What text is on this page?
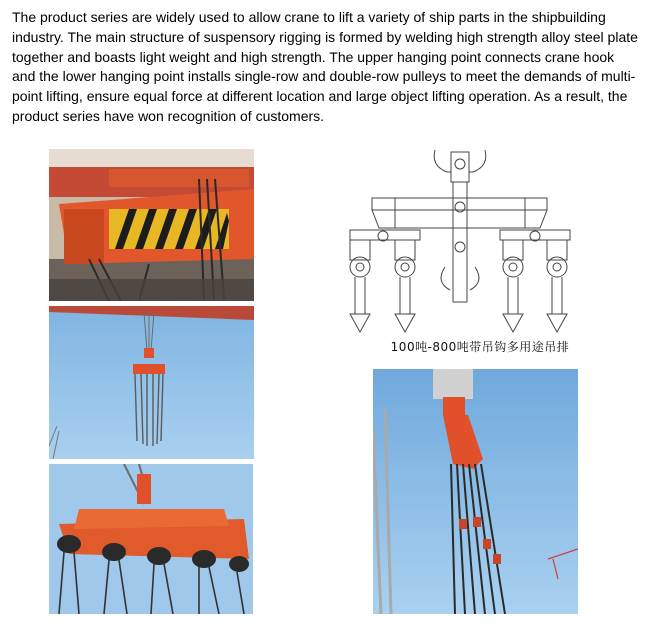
The product series are widely used to allow crane to lift a variety of ship parts in the shipbuilding industry. The main structure of suspensory rigging is formed by welding high strength alloy steel plate together and boasts light weight and high strength. The upper hanging point connects crane hook and the lower hanging point installs single-row and double-row pulleys to meet the demands of multi-point lifting, ensure equal force at different location and large object lifting operation. As a result, the product series have won recognition of customers.

100吨-800吨带吊钩多用途吊排
